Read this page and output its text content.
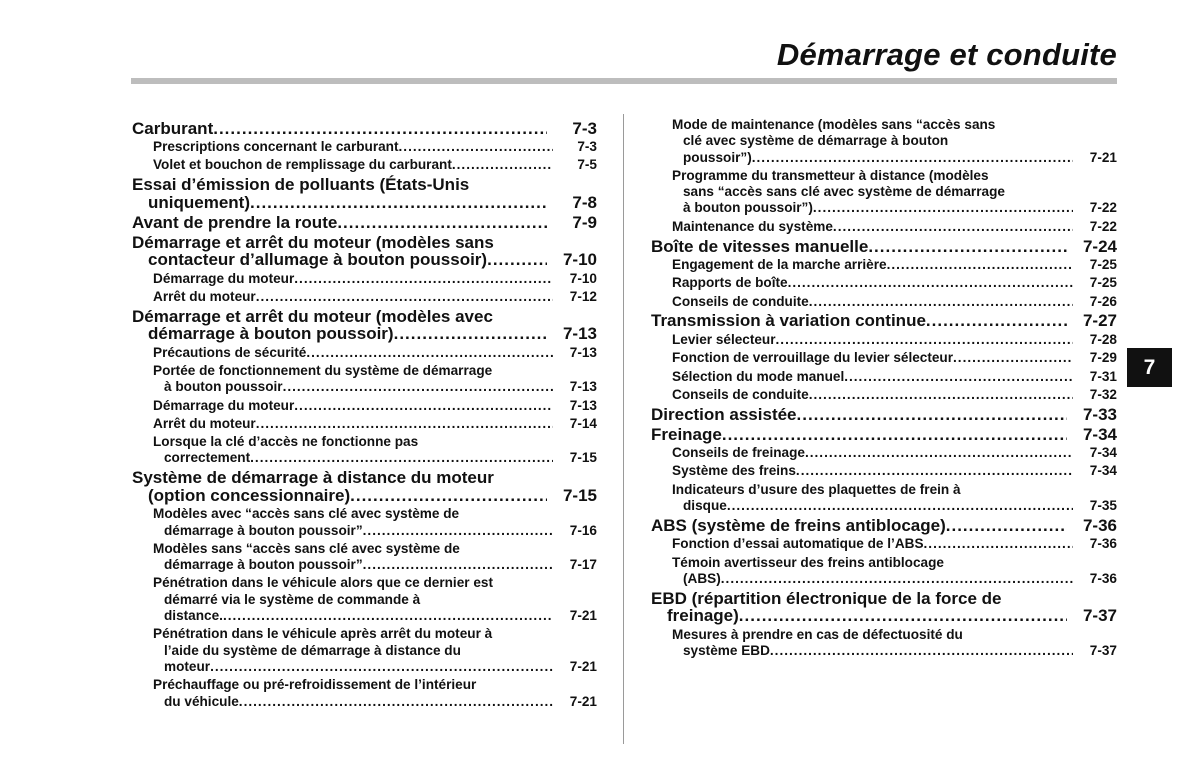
Démarrage et conduite
7
Carburant .....	7-3
Prescriptions concernant le carburant .....	7-3
Volet et bouchon de remplissage du carburant .....	7-5
Essai d’émission de polluants (États-Unis
uniquement) .....	7-8
Avant de prendre la route .....	7-9
Démarrage et arrêt du moteur (modèles sans
contacteur d’allumage à bouton poussoir) .....	7-10
Démarrage du moteur .....	7-10
Arrêt du moteur .....	7-12
Démarrage et arrêt du moteur (modèles avec
démarrage à bouton poussoir) .....	7-13
Précautions de sécurité .....	7-13
Portée de fonctionnement du système de démarrage
à bouton poussoir .....	7-13
Démarrage du moteur .....	7-13
Arrêt du moteur .....	7-14
Lorsque la clé d’accès ne fonctionne pas
correctement .....	7-15
Système de démarrage à distance du moteur
(option concessionnaire) .....	7-15
Modèles avec “accès sans clé avec système de
démarrage à bouton poussoir” .....	7-16
Modèles sans “accès sans clé avec système de
démarrage à bouton poussoir” .....	7-17
Pénétration dans le véhicule alors que ce dernier est
démarré via le système de commande à
distance. .....	7-21
Pénétration dans le véhicule après arrêt du moteur à
l’aide du système de démarrage à distance du
moteur .....	7-21
Préchauffage ou pré-refroidissement de l’intérieur
du véhicule .....	7-21
Mode de maintenance (modèles sans “accès sans
clé avec système de démarrage à bouton
poussoir”) .....	7-21
Programme du transmetteur à distance (modèles
sans “accès sans clé avec système de démarrage
à bouton poussoir”) .....	7-22
Maintenance du système .....	7-22
Boîte de vitesses manuelle .....	7-24
Engagement de la marche arrière .....	7-25
Rapports de boîte .....	7-25
Conseils de conduite .....	7-26
Transmission à variation continue .....	7-27
Levier sélecteur .....	7-28
Fonction de verrouillage du levier sélecteur .....	7-29
Sélection du mode manuel .....	7-31
Conseils de conduite .....	7-32
Direction assistée .....	7-33
Freinage .....	7-34
Conseils de freinage .....	7-34
Système des freins .....	7-34
Indicateurs d’usure des plaquettes de frein à
disque .....	7-35
ABS (système de freins antiblocage) .....	7-36
Fonction d’essai automatique de l’ABS .....	7-36
Témoin avertisseur des freins antiblocage
(ABS) .....	7-36
EBD (répartition électronique de la force de
freinage) .....	7-37
Mesures à prendre en cas de défectuosité du
système EBD .....	7-37
